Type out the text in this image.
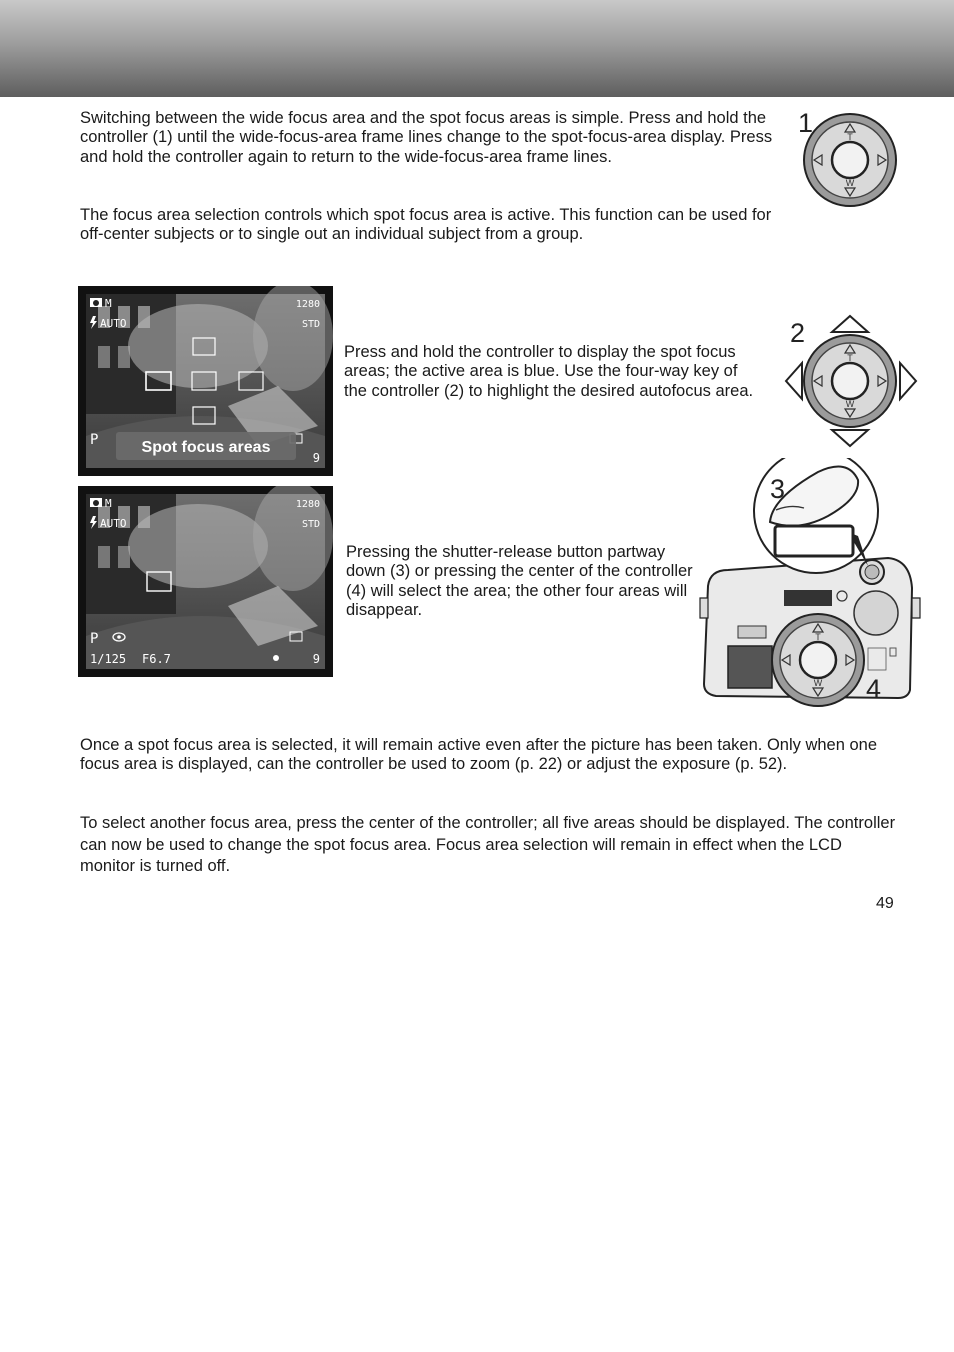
Switching between the wide focus area and the spot focus areas is simple. Press and hold the controller (1) until the wide-focus-area frame lines change to the spot-focus-area display. Press and hold the controller again to return to the wide-focus-area frame lines.

The focus area selection controls which spot focus area is active. This function can be used for off-center subjects or to single out an individual subject from a group.

1	T
W
M
AUTO
1280
STD
P
9
Spot focus areas

Press and hold the controller to display the spot focus areas; the active area is blue. Use the four-way key of the controller (2) to highlight the desired autofocus area.

2
T
W
M
AUTO
1280
STD
P
1/125 F6.7	9

Pressing the shutter-release button partway down (3) or pressing the center of the controller (4) will select the area; the other four areas will disappear.

3
T
W 4

Once a spot focus area is selected, it will remain active even after the picture has been taken. Only when one focus area is displayed, can the controller be used to zoom (p. 22) or adjust the exposure (p. 52).

To select another focus area, press the center of the controller; all five areas should be displayed. The controller can now be used to change the spot focus area. Focus area selection will remain in effect when the LCD monitor is turned off.

49
